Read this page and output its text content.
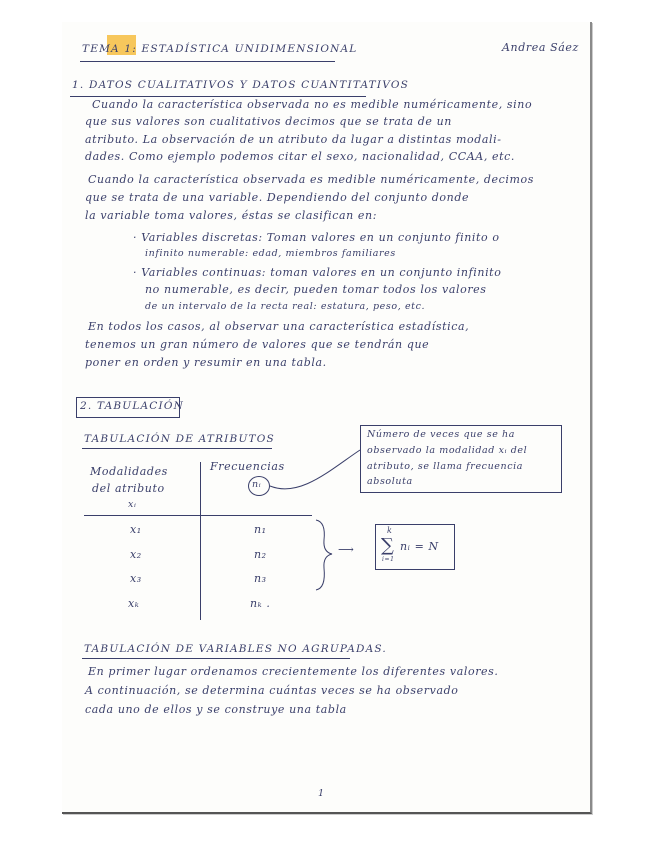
TEMA 1: ESTADÍSTICA UNIDIMENSIONAL	Andrea Sáez
1. DATOS CUALITATIVOS Y DATOS CUANTITATIVOS
Cuando la característica observada no es medible numéricamente, sino
que sus valores son cualitativos decimos que se trata de un
atributo. La observación de un atributo da lugar a distintas modali-
dades. Como ejemplo podemos citar el sexo, nacionalidad, CCAA, etc.
Cuando la característica observada es medible numéricamente, decimos
que se trata de una variable. Dependiendo del conjunto donde
la variable toma valores, éstas se clasifican en:
· Variables discretas: Toman valores en un conjunto finito o
infinito numerable: edad, miembros familiares
· Variables continuas: toman valores en un conjunto infinito
no numerable, es decir, pueden tomar todos los valores
de un intervalo de la recta real: estatura, peso, etc.
En todos los casos, al observar una característica estadística,
tenemos un gran número de valores que se tendrán que
poner en orden y resumir en una tabla.
2. TABULACIÓN
TABULACIÓN DE ATRIBUTOS
Modalidades
del atributo
xᵢ
Frecuencias
nᵢ
x₁	n₁
x₂	n₂
x₃	n₃
xₖ	nₖ .
Número de veces que se ha
observado la modalidad xᵢ del
atributo, se llama frecuencia
absoluta
⟶
k
∑
i=1
nᵢ = N
TABULACIÓN DE VARIABLES NO AGRUPADAS.
En primer lugar ordenamos crecientemente los diferentes valores.
A continuación, se determina cuántas veces se ha observado
cada uno de ellos y se construye una tabla
1
